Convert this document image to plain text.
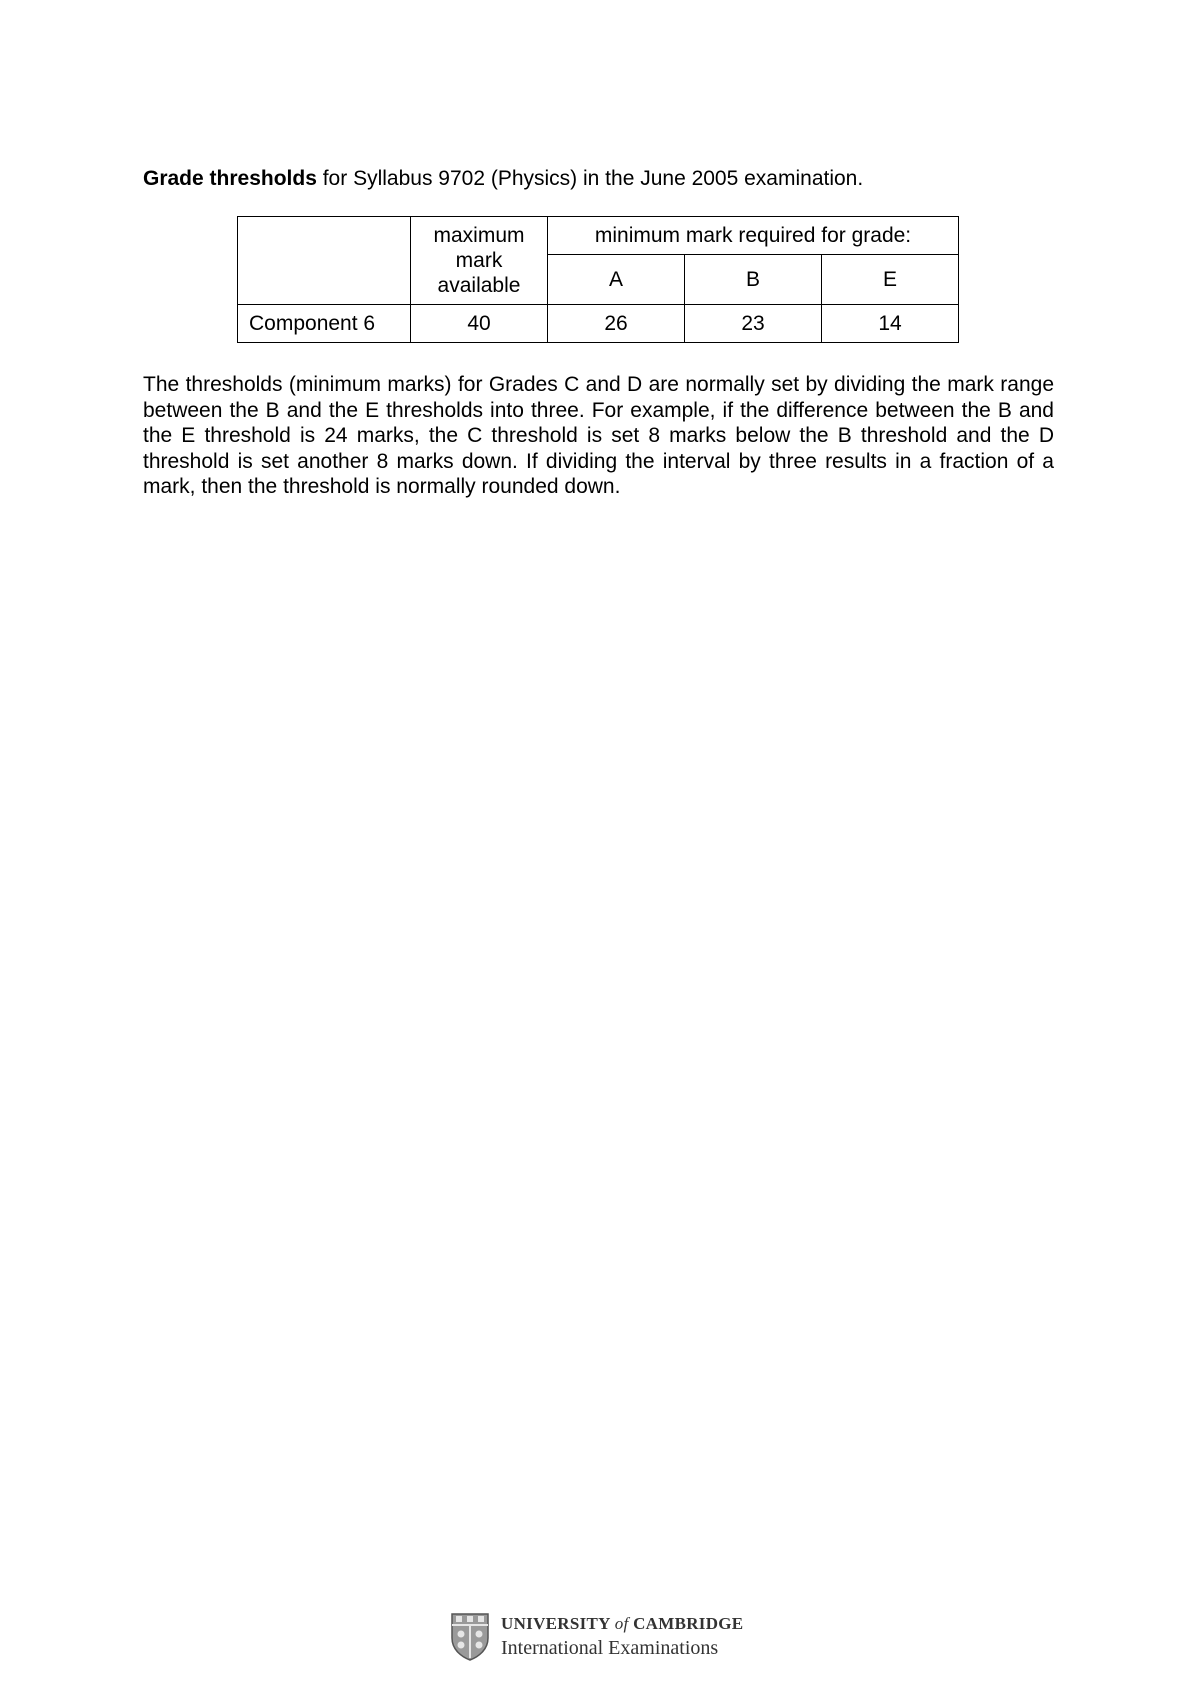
Grade thresholds for Syllabus 9702 (Physics) in the June 2005 examination.

	maximum
mark
available	minimum mark required for grade:		
		A	B	E
Component 6	40	26	23	14

The thresholds (minimum marks) for Grades C and D are normally set by dividing the mark range between the B and the E thresholds into three. For example, if the difference between the B and the E threshold is 24 marks, the C threshold is set 8 marks below the B threshold and the D threshold is set another 8 marks down. If dividing the interval by three results in a fraction of a mark, then the threshold is normally rounded down.

UNIVERSITY of CAMBRIDGE
International Examinations
